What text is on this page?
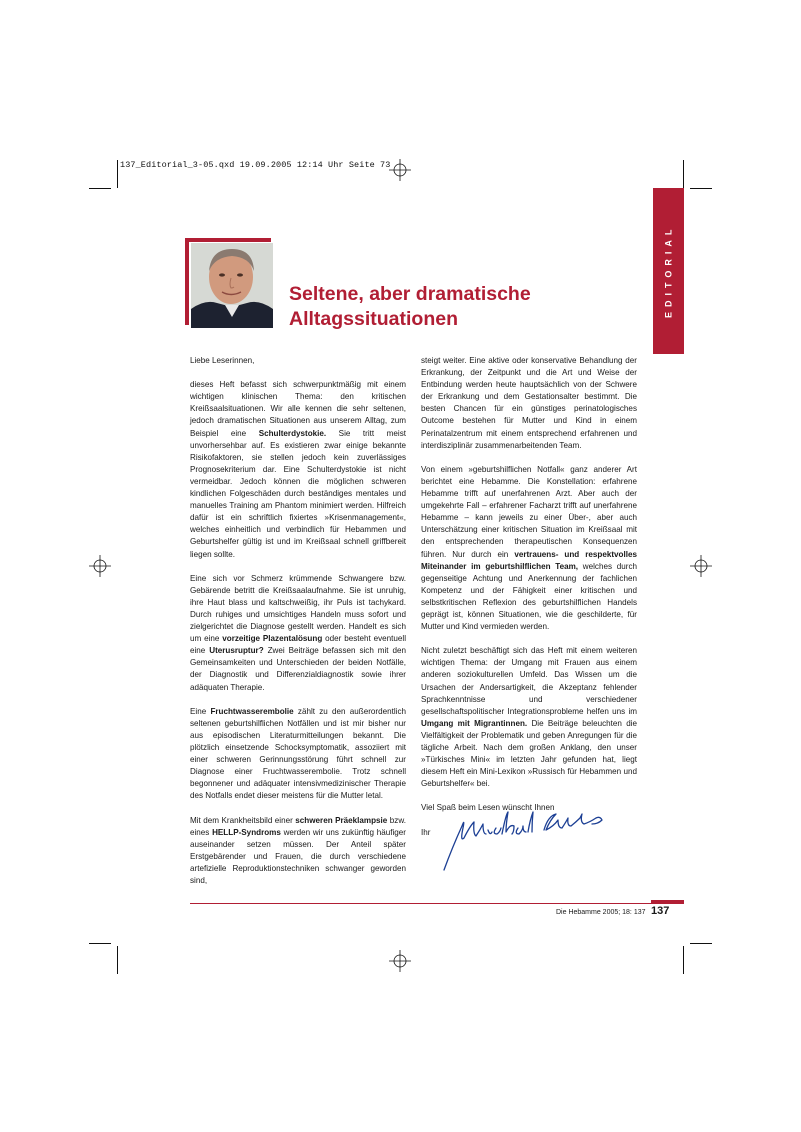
137_Editorial_3-05.qxd 19.09.2005 12:14 Uhr Seite 73
EDITORIAL
Seltene, aber dramatische
Alltagssituationen

Liebe Leserinnen,

dieses Heft befasst sich schwerpunktmäßig mit einem wichtigen klinischen Thema: den kritischen Kreißsaalsituationen. Wir alle kennen die sehr seltenen, jedoch dramatischen Situationen aus unserem Alltag, zum Beispiel eine Schulterdystokie. Sie tritt meist unvorhersehbar auf. Es existieren zwar einige bekannte Risikofaktoren, sie stellen jedoch kein zuverlässiges Prognosekriterium dar. Eine Schulterdystokie ist nicht vermeidbar. Jedoch können die möglichen schweren kindlichen Folgeschäden durch beständiges mentales und manuelles Training am Phantom minimiert werden. Hilfreich dafür ist ein schriftlich fixiertes »Krisenmanagement«, welches einheitlich und verbindlich für Hebammen und Geburtshelfer gültig ist und im Kreißsaal schnell griffbereit liegen sollte.

Eine sich vor Schmerz krümmende Schwangere bzw. Gebärende betritt die Kreißsaalaufnahme. Sie ist unruhig, ihre Haut blass und kaltschweißig, ihr Puls ist tachykard. Durch ruhiges und umsichtiges Handeln muss sofort und zielgerichtet die Diagnose gestellt werden. Handelt es sich um eine vorzeitige Plazentalösung oder besteht eventuell eine Uterusruptur? Zwei Beiträge befassen sich mit den Gemeinsamkeiten und Unterschieden der beiden Notfälle, der Diagnostik und Differenzialdiagnostik sowie ihrer adäquaten Therapie.

Eine Fruchtwasserembolie zählt zu den außerordentlich seltenen geburtshilflichen Notfällen und ist mir bisher nur aus episodischen Literaturmitteilungen bekannt. Die plötzlich einsetzende Schocksymptomatik, assoziiert mit einer schweren Gerinnungsstörung führt schnell zur Diagnose einer Fruchtwasserembolie. Trotz schnell begonnener und adäquater intensivmedizinischer Therapie des Notfalls endet dieser meistens für die Mutter letal.

Mit dem Krankheitsbild einer schweren Präeklampsie bzw. eines HELLP-Syndroms werden wir uns zukünftig häufiger auseinander setzen müssen. Der Anteil später Erstgebärender und Frauen, die durch verschiedene artefizielle Reproduktionstechniken schwanger geworden sind,

steigt weiter. Eine aktive oder konservative Behandlung der Erkrankung, der Zeitpunkt und die Art und Weise der Entbindung werden heute hauptsächlich von der Schwere der Erkrankung und dem Gestationsalter bestimmt. Die besten Chancen für ein günstiges perinatologisches Outcome bestehen für Mutter und Kind in einem Perinatalzentrum mit einem entsprechend erfahrenen und interdisziplinär zusammenarbeitenden Team.

Von einem »geburtshilflichen Notfall« ganz anderer Art berichtet eine Hebamme. Die Konstellation: erfahrene Hebamme trifft auf unerfahrenen Arzt. Aber auch der umgekehrte Fall – erfahrener Facharzt trifft auf unerfahrene Hebamme – kann jeweils zu einer Über-, aber auch Unterschätzung einer kritischen Situation im Kreißsaal mit den entsprechenden therapeutischen Konsequenzen führen. Nur durch ein vertrauens- und respektvolles Miteinander im geburtshilflichen Team, welches durch gegenseitige Achtung und Anerkennung der fachlichen Kompetenz und der Fähigkeit einer kritischen und selbstkritischen Reflexion des geburtshilflichen Handels geprägt ist, können Situationen, wie die geschilderte, für Mutter und Kind vermieden werden.

Nicht zuletzt beschäftigt sich das Heft mit einem weiteren wichtigen Thema: der Umgang mit Frauen aus einem anderen soziokulturellen Umfeld. Das Wissen um die Ursachen der Andersartigkeit, die Akzeptanz fehlender Sprachkenntnisse und verschiedener gesellschaftspolitischer Integrationsprobleme helfen uns im Umgang mit Migrantinnen. Die Beiträge beleuchten die Vielfältigkeit der Problematik und geben Anregungen für die tägliche Arbeit. Nach dem großen Anklang, den unser »Türkisches Mini« im letzten Jahr gefunden hat, liegt diesem Heft ein Mini-Lexikon »Russisch für Hebammen und Geburtshelfer« bei.

Viel Spaß beim Lesen wünscht Ihnen

Ihr

Die Hebamme 2005; 18: 137 137
